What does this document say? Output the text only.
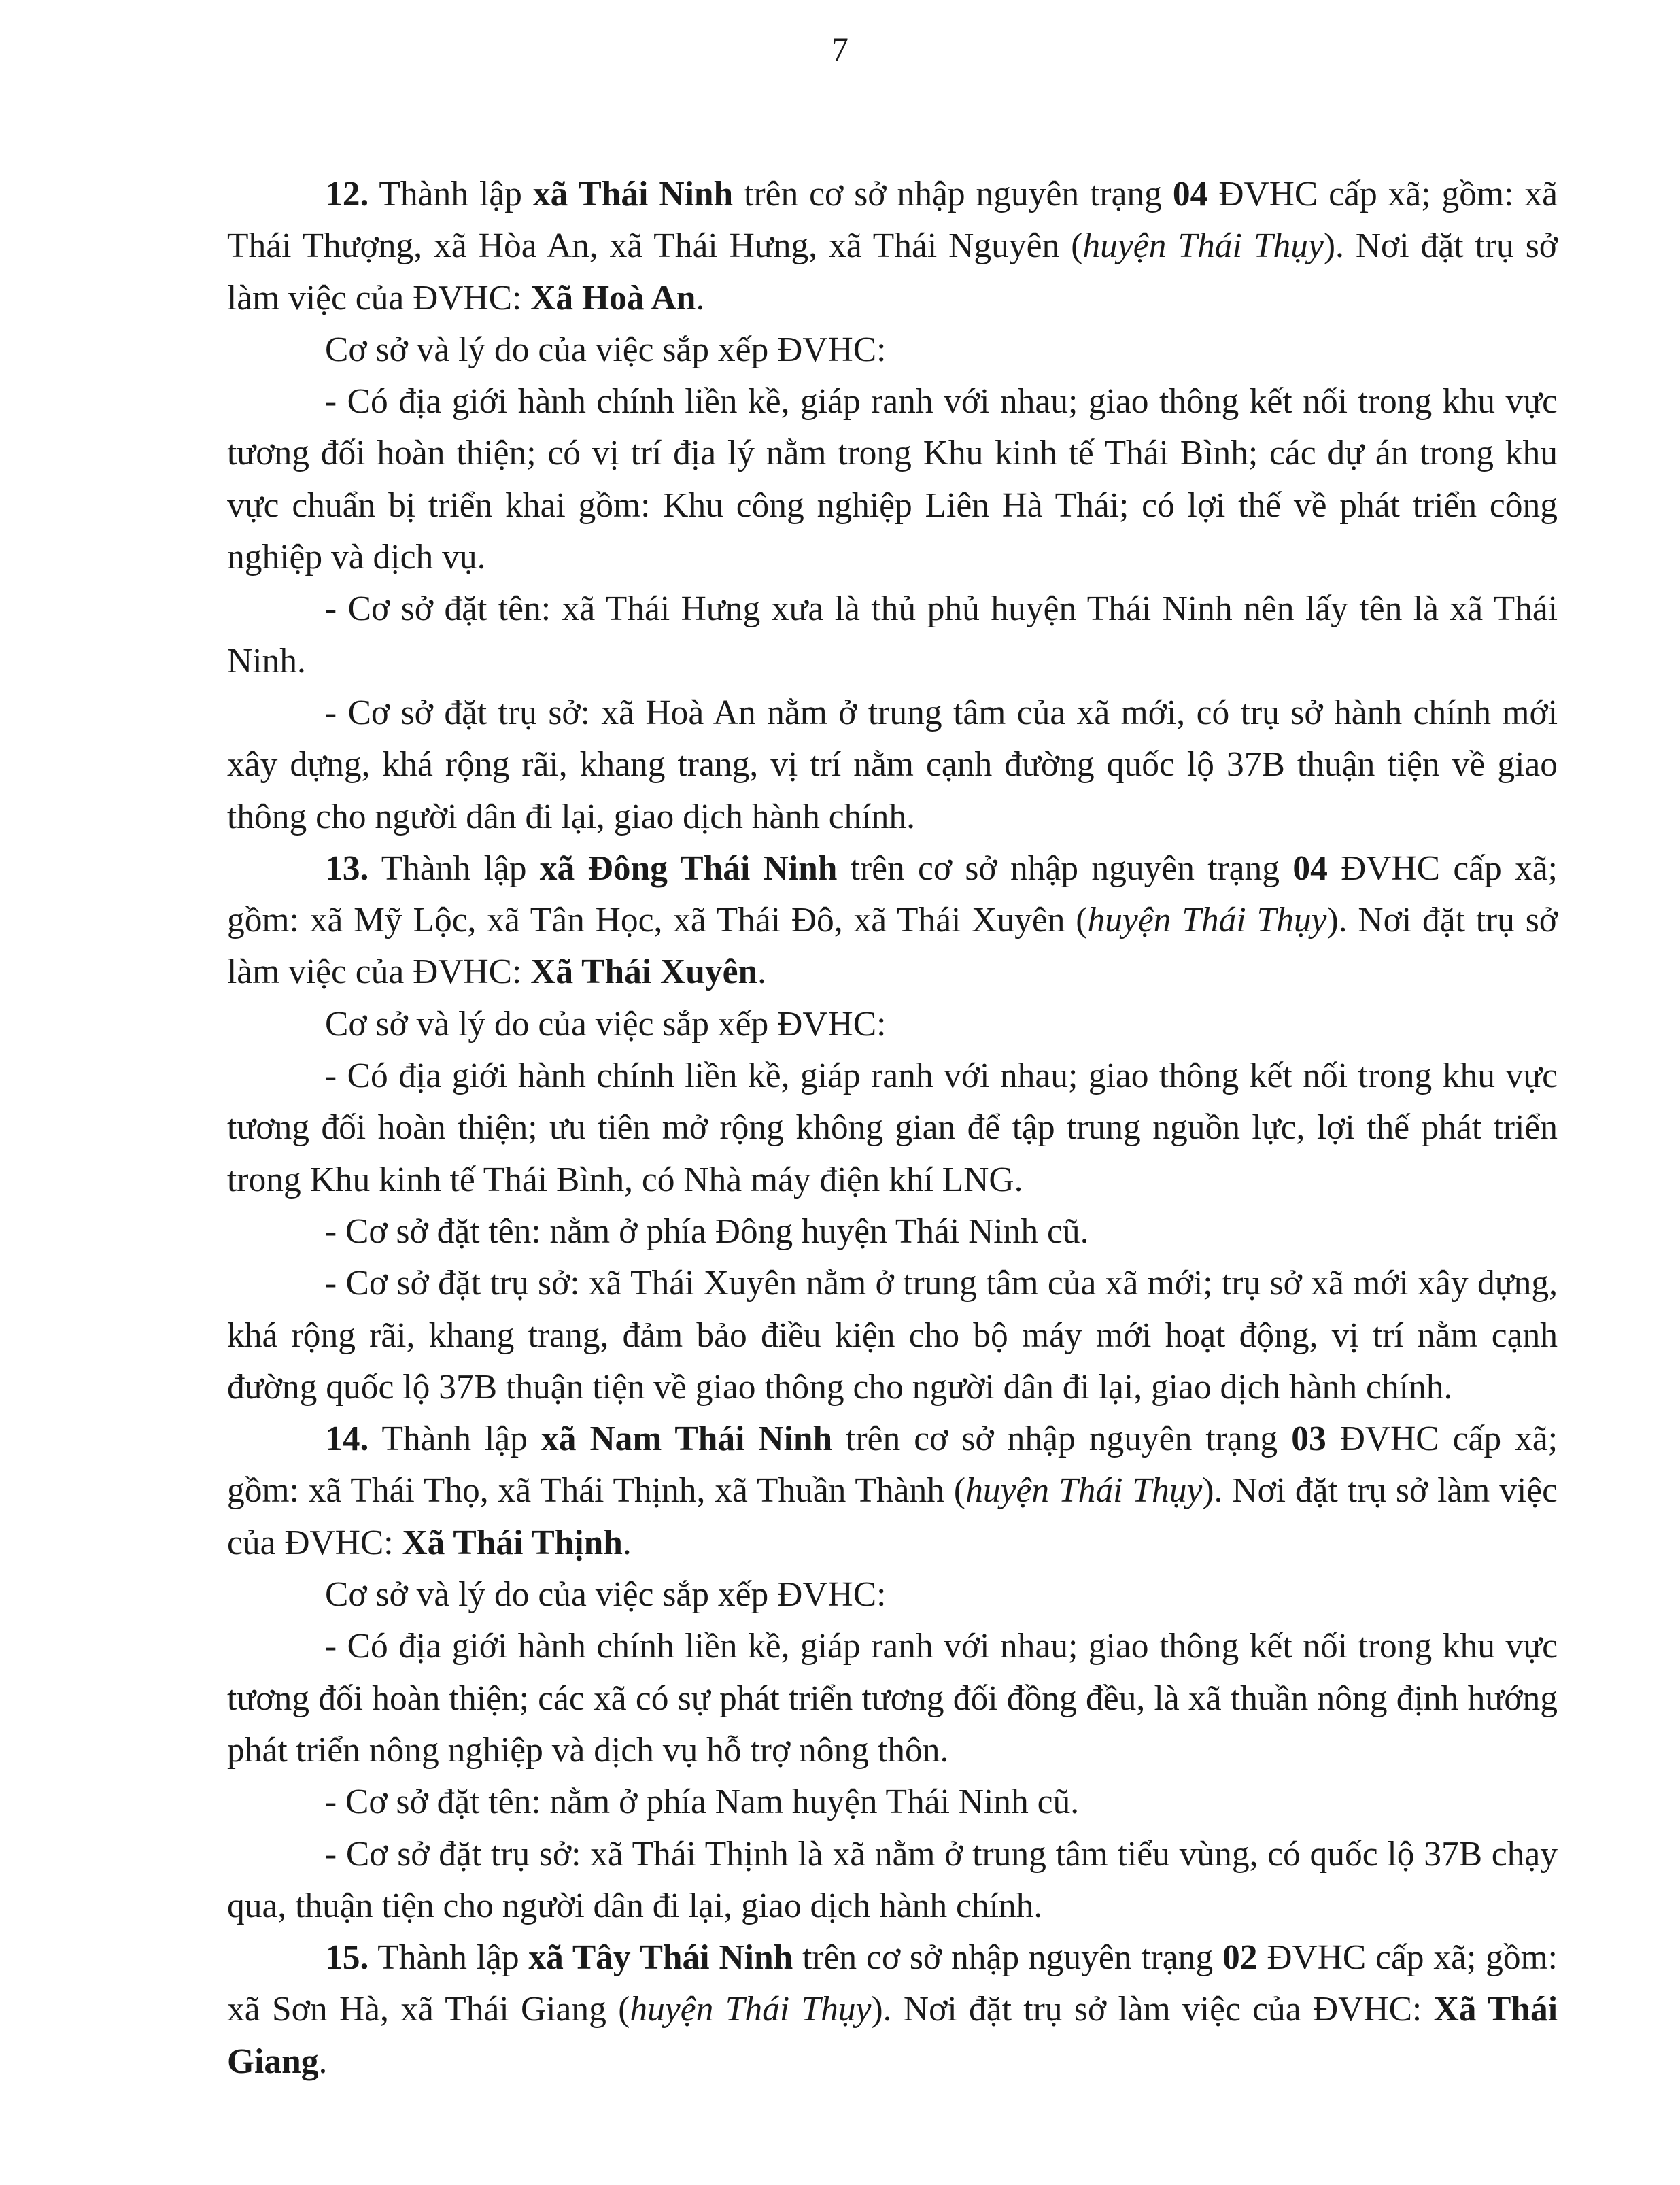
7

12. Thành lập xã Thái Ninh trên cơ sở nhập nguyên trạng 04 ĐVHC cấp xã; gồm: xã Thái Thượng, xã Hòa An, xã Thái Hưng, xã Thái Nguyên (huyện Thái Thụy). Nơi đặt trụ sở làm việc của ĐVHC: Xã Hoà An.

Cơ sở và lý do của việc sắp xếp ĐVHC:

- Có địa giới hành chính liền kề, giáp ranh với nhau; giao thông kết nối trong khu vực tương đối hoàn thiện; có vị trí địa lý nằm trong Khu kinh tế Thái Bình; các dự án trong khu vực chuẩn bị triển khai gồm: Khu công nghiệp Liên Hà Thái; có lợi thế về phát triển công nghiệp và dịch vụ.

- Cơ sở đặt tên: xã Thái Hưng xưa là thủ phủ huyện Thái Ninh nên lấy tên là xã Thái Ninh.

- Cơ sở đặt trụ sở: xã Hoà An nằm ở trung tâm của xã mới, có trụ sở hành chính mới xây dựng, khá rộng rãi, khang trang, vị trí nằm cạnh đường quốc lộ 37B thuận tiện về giao thông cho người dân đi lại, giao dịch hành chính.

13. Thành lập xã Đông Thái Ninh trên cơ sở nhập nguyên trạng 04 ĐVHC cấp xã; gồm: xã Mỹ Lộc, xã Tân Học, xã Thái Đô, xã Thái Xuyên (huyện Thái Thụy). Nơi đặt trụ sở làm việc của ĐVHC: Xã Thái Xuyên.

Cơ sở và lý do của việc sắp xếp ĐVHC:

- Có địa giới hành chính liền kề, giáp ranh với nhau; giao thông kết nối trong khu vực tương đối hoàn thiện; ưu tiên mở rộng không gian để tập trung nguồn lực, lợi thế phát triển trong Khu kinh tế Thái Bình, có Nhà máy điện khí LNG.

- Cơ sở đặt tên: nằm ở phía Đông huyện Thái Ninh cũ.

- Cơ sở đặt trụ sở: xã Thái Xuyên nằm ở trung tâm của xã mới; trụ sở xã mới xây dựng, khá rộng rãi, khang trang, đảm bảo điều kiện cho bộ máy mới hoạt động, vị trí nằm cạnh đường quốc lộ 37B thuận tiện về giao thông cho người dân đi lại, giao dịch hành chính.

14. Thành lập xã Nam Thái Ninh trên cơ sở nhập nguyên trạng 03 ĐVHC cấp xã; gồm: xã Thái Thọ, xã Thái Thịnh, xã Thuần Thành (huyện Thái Thụy). Nơi đặt trụ sở làm việc của ĐVHC: Xã Thái Thịnh.

Cơ sở và lý do của việc sắp xếp ĐVHC:

- Có địa giới hành chính liền kề, giáp ranh với nhau; giao thông kết nối trong khu vực tương đối hoàn thiện; các xã có sự phát triển tương đối đồng đều, là xã thuần nông định hướng phát triển nông nghiệp và dịch vụ hỗ trợ nông thôn.

- Cơ sở đặt tên: nằm ở phía Nam huyện Thái Ninh cũ.

- Cơ sở đặt trụ sở: xã Thái Thịnh là xã nằm ở trung tâm tiểu vùng, có quốc lộ 37B chạy qua, thuận tiện cho người dân đi lại, giao dịch hành chính.

15. Thành lập xã Tây Thái Ninh trên cơ sở nhập nguyên trạng 02 ĐVHC cấp xã; gồm: xã Sơn Hà, xã Thái Giang (huyện Thái Thụy). Nơi đặt trụ sở làm việc của ĐVHC: Xã Thái Giang.
